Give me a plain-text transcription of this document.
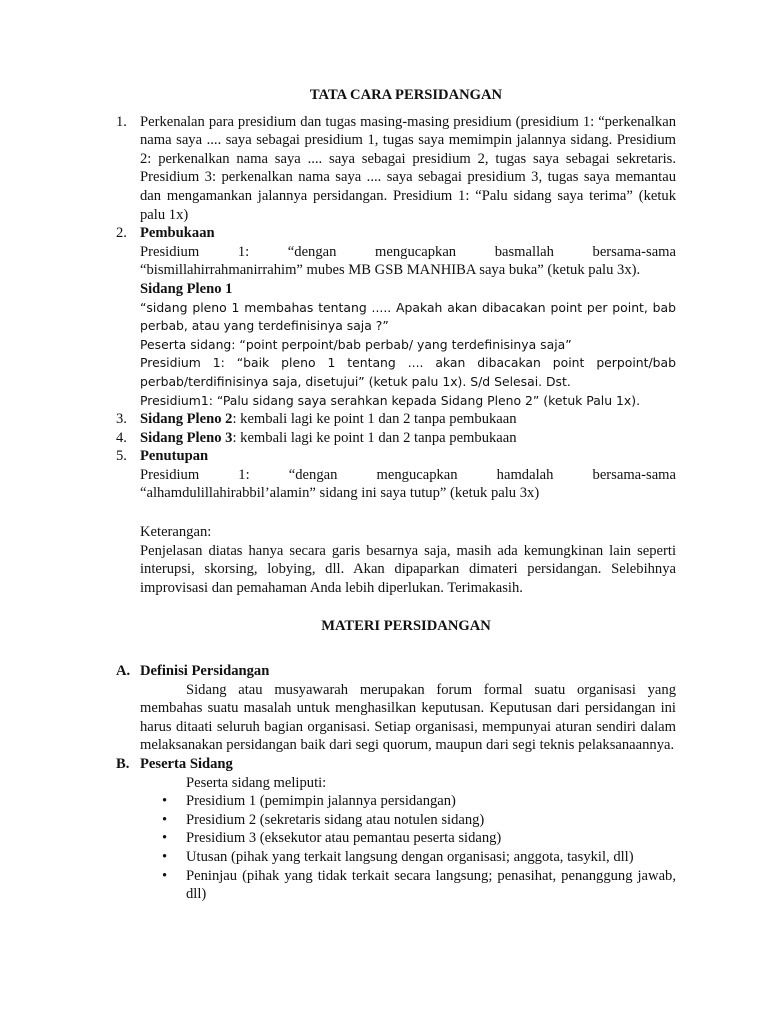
TATA CARA PERSIDANGAN
1. Perkenalan para presidium dan tugas masing-masing presidium (presidium 1: “perkenalkan nama saya .... saya sebagai presidium 1, tugas saya memimpin jalannya sidang. Presidium 2: perkenalkan nama saya .... saya sebagai presidium 2, tugas saya sebagai sekretaris. Presidium 3: perkenalkan nama saya .... saya sebagai presidium 3, tugas saya memantau dan mengamankan jalannya persidangan. Presidium 1: “Palu sidang saya terima” (ketuk palu 1x)
2. Pembukaan
Presidium 1: “dengan mengucapkan basmallah bersama-sama
“bismillahirrahmanirrahim” mubes MB GSB MANHIBA saya buka” (ketuk palu 3x).
Sidang Pleno 1
“sidang pleno 1 membahas tentang ..... Apakah akan dibacakan point per point, bab perbab, atau yang terdefinisinya saja ?”
Peserta sidang: “point perpoint/bab perbab/ yang terdefinisinya saja”
Presidium 1: “baik pleno 1 tentang .... akan dibacakan point perpoint/bab perbab/terdifinisinya saja, disetujui” (ketuk palu 1x). S/d Selesai. Dst.
Presidium1: “Palu sidang saya serahkan kepada Sidang Pleno 2” (ketuk Palu 1x).
3. Sidang Pleno 2: kembali lagi ke point 1 dan 2 tanpa pembukaan
4. Sidang Pleno 3: kembali lagi ke point 1 dan 2 tanpa pembukaan
5. Penutupan
Presidium 1: “dengan mengucapkan hamdalah bersama-sama
“alhamdulillahirabbil’alamin” sidang ini saya tutup” (ketuk palu 3x)
Keterangan:
Penjelasan diatas hanya secara garis besarnya saja, masih ada kemungkinan lain seperti interupsi, skorsing, lobying, dll. Akan dipaparkan dimateri persidangan. Selebihnya improvisasi dan pemahaman Anda lebih diperlukan. Terimakasih.
MATERI PERSIDANGAN
A. Definisi Persidangan
Sidang atau musyawarah merupakan forum formal suatu organisasi yang membahas suatu masalah untuk menghasilkan keputusan. Keputusan dari persidangan ini harus ditaati seluruh bagian organisasi. Setiap organisasi, mempunyai aturan sendiri dalam melaksanakan persidangan baik dari segi quorum, maupun dari segi teknis pelaksanaannya.
B. Peserta Sidang
Peserta sidang meliputi:
• Presidium 1 (pemimpin jalannya persidangan)
• Presidium 2 (sekretaris sidang atau notulen sidang)
• Presidium 3 (eksekutor atau pemantau peserta sidang)
• Utusan (pihak yang terkait langsung dengan organisasi; anggota, tasykil, dll)
• Peninjau (pihak yang tidak terkait secara langsung; penasihat, penanggung jawab, dll)
